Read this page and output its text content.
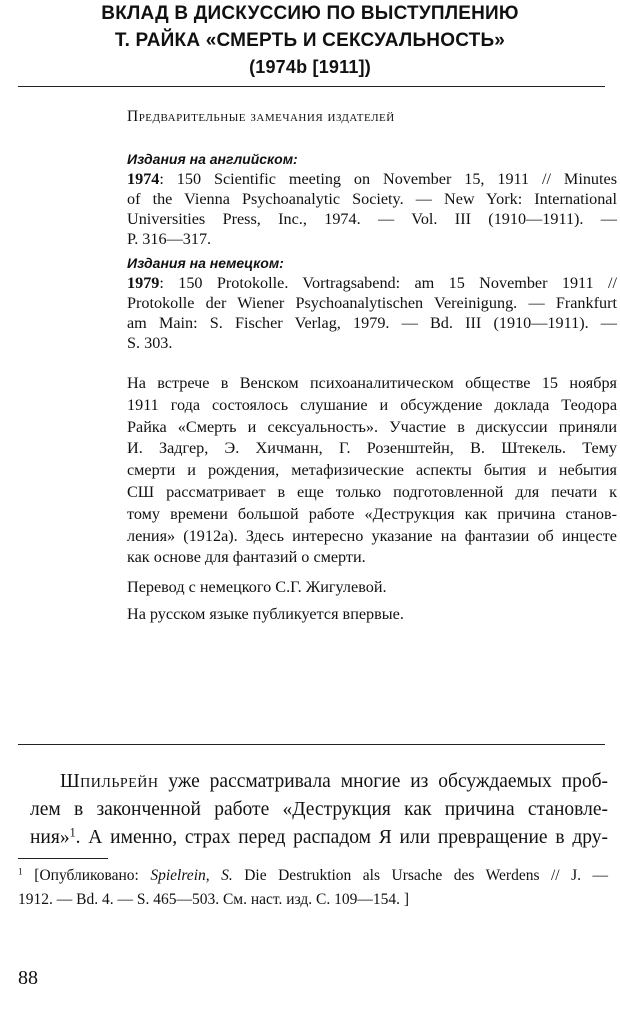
ВКЛАД В ДИСКУССИЮ ПО ВЫСТУПЛЕНИЮ
Т. РАЙКА «СМЕРТЬ И СЕКСУАЛЬНОСТЬ»
(1974b [1911])
Предварительные замечания издателей
Издания на английском:
1974: 150 Scientific meeting on November 15, 1911 // Minutes
of the Vienna Psychoanalytic Society. — New York: International
Universities Press, Inc., 1974. — Vol. III (1910—1911). —
P. 316—317.
Издания на немецком:
1979: 150 Protokolle. Vortragsabend: am 15 November 1911 //
Protokolle der Wiener Psychoanalytischen Vereinigung. — Frankfurt
am Main: S. Fischer Verlag, 1979. — Bd. III (1910—1911). —
S. 303.
На встрече в Венском психоаналитическом обществе 15 ноября
1911 года состоялось слушание и обсуждение доклада Теодора
Райка «Смерть и сексуальность». Участие в дискуссии приняли
И. Задгер, Э. Хичманн, Г. Розенштейн, В. Штекель. Тему
смерти и рождения, метафизические аспекты бытия и небытия
СШ рассматривает в еще только подготовленной для печати к
тому времени большой работе «Деструкция как причина станов-
ления» (1912а). Здесь интересно указание на фантазии об инцесте
как основе для фантазий о смерти.
Перевод с немецкого С.Г. Жигулевой.
На русском языке публикуется впервые.
Шпильрейн уже рассматривала многие из обсуждаемых проб-
лем в законченной работе «Деструкция как причина становле-
ния»$^1$. А именно, страх перед распадом Я или превращение в дру-
$^1$ [Опубликовано: Spielrein, S. Die Destruktion als Ursache des Werdens // J. —
1912. — Bd. 4. — S. 465—503. См. наст. изд. С. 109—154. ]
88
